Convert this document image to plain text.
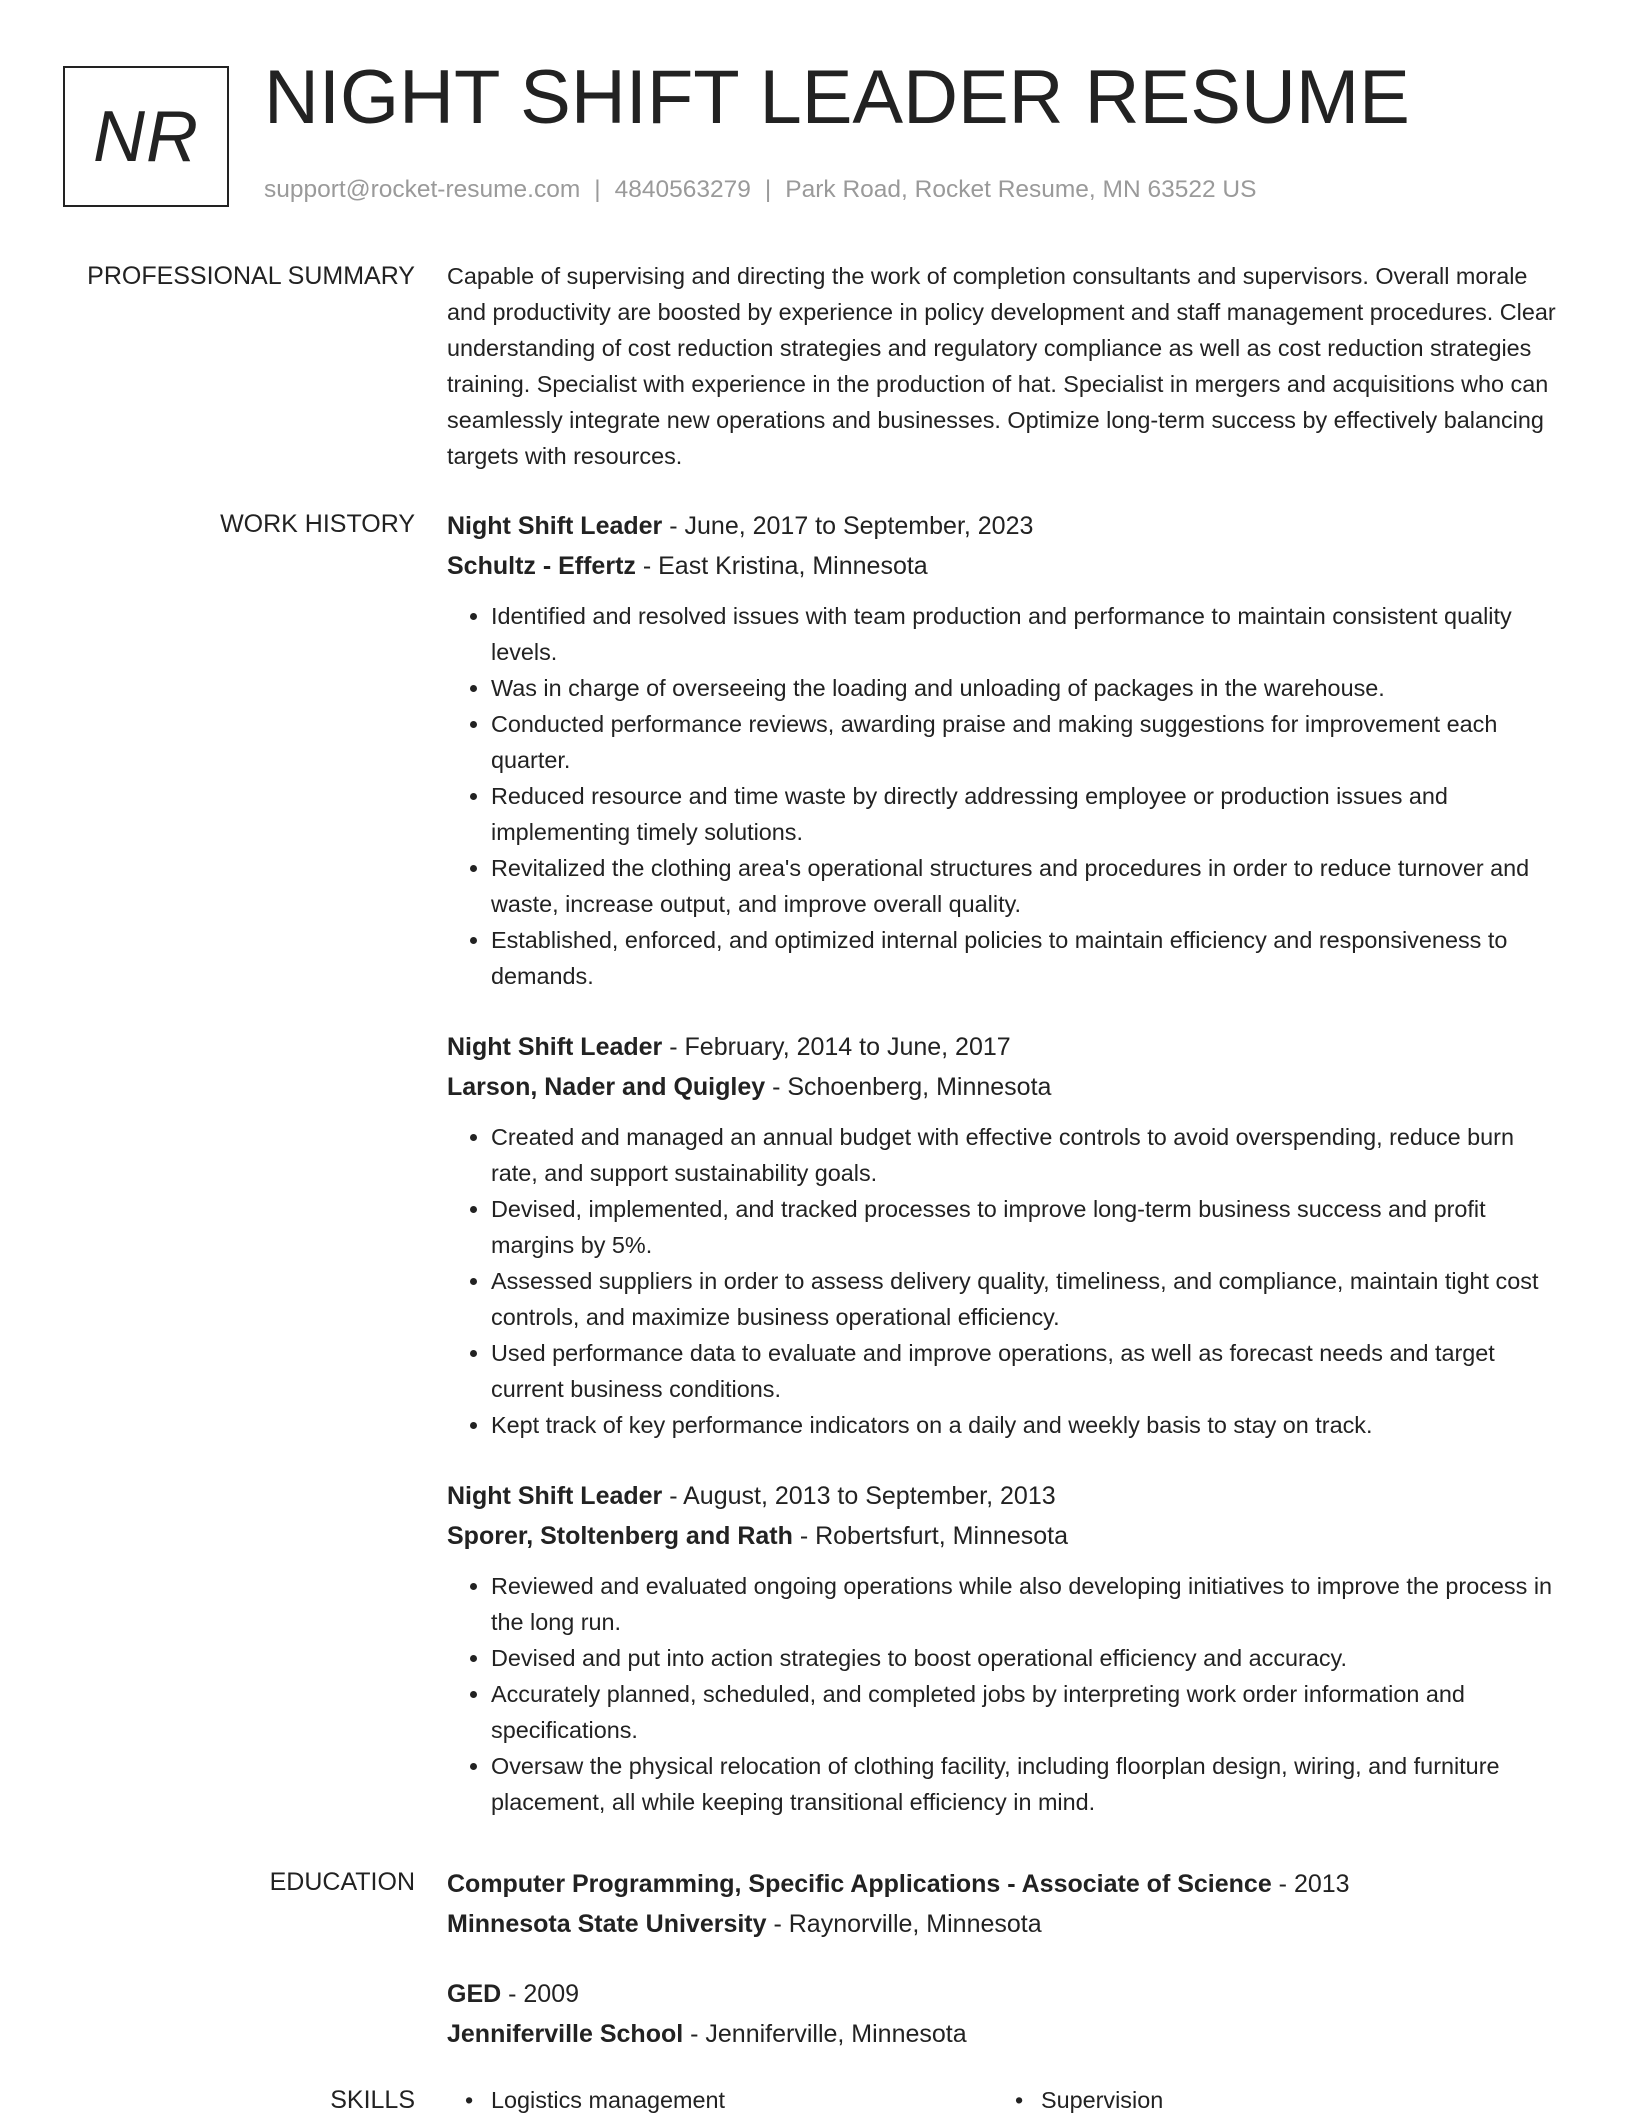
NR NIGHT SHIFT LEADER RESUME
support@rocket-resume.com | 4840563279 | Park Road, Rocket Resume, MN 63522 US
PROFESSIONAL SUMMARY Capable of supervising and directing the work of completion consultants and supervisors. Overall morale and productivity are boosted by experience in policy development and staff management procedures. Clear understanding of cost reduction strategies and regulatory compliance as well as cost reduction strategies training. Specialist with experience in the production of hat. Specialist in mergers and acquisitions who can seamlessly integrate new operations and businesses. Optimize long-term success by effectively balancing targets with resources.

WORK HISTORY Night Shift Leader - June, 2017 to September, 2023
Schultz - Effertz - East Kristina, Minnesota
• Identified and resolved issues with team production and performance to maintain consistent quality levels.
• Was in charge of overseeing the loading and unloading of packages in the warehouse.
• Conducted performance reviews, awarding praise and making suggestions for improvement each quarter.
• Reduced resource and time waste by directly addressing employee or production issues and implementing timely solutions.
• Revitalized the clothing area's operational structures and procedures in order to reduce turnover and waste, increase output, and improve overall quality.
• Established, enforced, and optimized internal policies to maintain efficiency and responsiveness to demands.
Night Shift Leader - February, 2014 to June, 2017
Larson, Nader and Quigley - Schoenberg, Minnesota
• Created and managed an annual budget with effective controls to avoid overspending, reduce burn rate, and support sustainability goals.
• Devised, implemented, and tracked processes to improve long-term business success and profit margins by 5%.
• Assessed suppliers in order to assess delivery quality, timeliness, and compliance, maintain tight cost controls, and maximize business operational efficiency.
• Used performance data to evaluate and improve operations, as well as forecast needs and target current business conditions.
• Kept track of key performance indicators on a daily and weekly basis to stay on track.
Night Shift Leader - August, 2013 to September, 2013
Sporer, Stoltenberg and Rath - Robertsfurt, Minnesota
• Reviewed and evaluated ongoing operations while also developing initiatives to improve the process in the long run.
• Devised and put into action strategies to boost operational efficiency and accuracy.
• Accurately planned, scheduled, and completed jobs by interpreting work order information and specifications.
• Oversaw the physical relocation of clothing facility, including floorplan design, wiring, and furniture placement, all while keeping transitional efficiency in mind.
EDUCATION Computer Programming, Specific Applications - Associate of Science - 2013
Minnesota State University - Raynorville, Minnesota
GED - 2009
Jenniferville School - Jenniferville, Minnesota
SKILLS	• Logistics management	• Supervision
